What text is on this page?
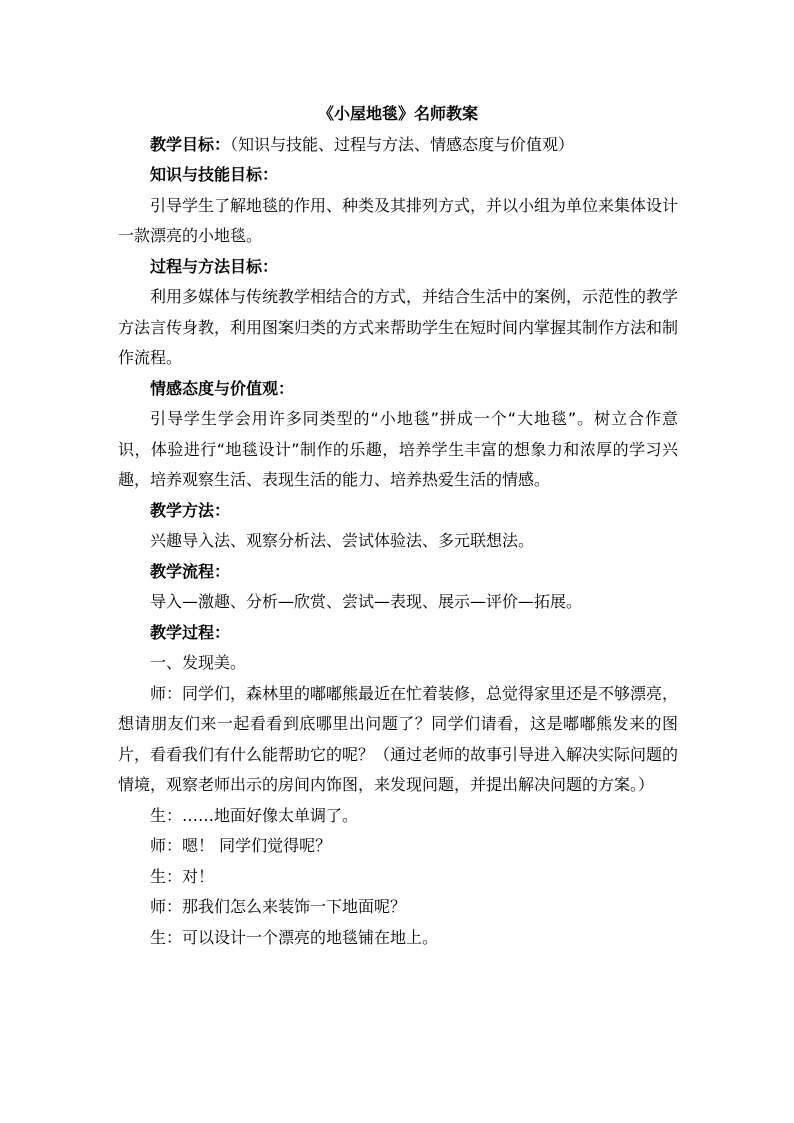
《小屋地毯》名师教案

教学目标：（知识与技能、过程与方法、情感态度与价值观）

知识与技能目标：

引导学生了解地毯的作用、种类及其排列方式，并以小组为单位来集体设计一款漂亮的小地毯。

过程与方法目标：

利用多媒体与传统教学相结合的方式，并结合生活中的案例，示范性的教学方法言传身教，利用图案归类的方式来帮助学生在短时间内掌握其制作方法和制作流程。

情感态度与价值观：

引导学生学会用许多同类型的“小地毯”拼成一个“大地毯”。树立合作意识，体验进行“地毯设计”制作的乐趣，培养学生丰富的想象力和浓厚的学习兴趣，培养观察生活、表现生活的能力、培养热爱生活的情感。

教学方法：

兴趣导入法、观察分析法、尝试体验法、多元联想法。

教学流程：

导入—激趣、分析—欣赏、尝试—表现、展示—评价—拓展。

教学过程：

一、发现美。

师：同学们，森林里的嘟嘟熊最近在忙着装修，总觉得家里还是不够漂亮，想请朋友们来一起看看到底哪里出问题了？同学们请看，这是嘟嘟熊发来的图片，看看我们有什么能帮助它的呢？（通过老师的故事引导进入解决实际问题的情境，观察老师出示的房间内饰图，来发现问题，并提出解决问题的方案。）

生：……地面好像太单调了。

师：嗯！ 同学们觉得呢？

生：对！

师：那我们怎么来装饰一下地面呢？

生：可以设计一个漂亮的地毯铺在地上。
